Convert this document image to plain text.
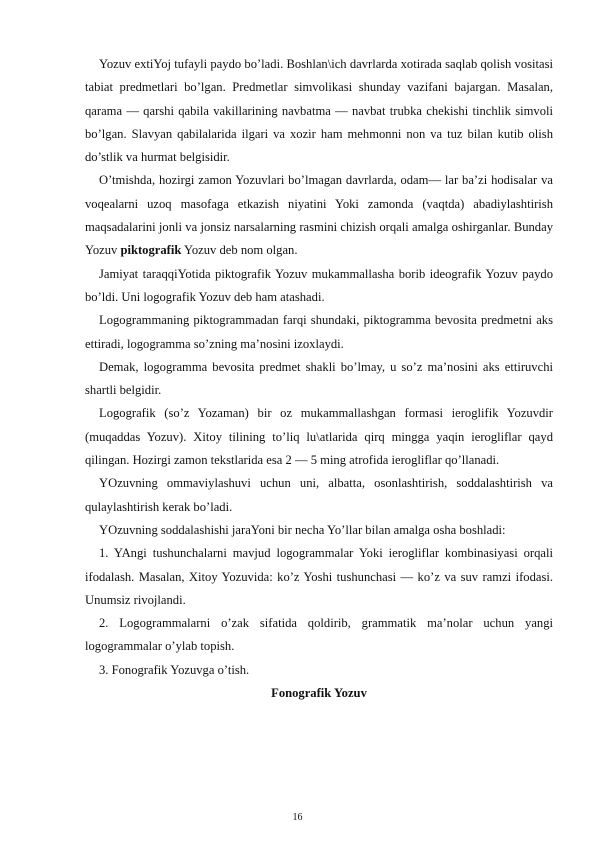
Yozuv extiYoj tufayli paydo bo’ladi. Boshlan\ich davrlarda xotirada saqlab qolish vositasi tabiat predmetlari bo’lgan. Predmetlar simvolikasi shunday vazifani bajargan. Masalan, qarama — qarshi qabila vakillarining navbatma — navbat trubka chekishi tinchlik simvoli bo’lgan. Slavyan qabilalarida ilgari va xozir ham mehmonni non va tuz bilan kutib olish do’stlik va hurmat belgisidir.

O’tmishda, hozirgi zamon Yozuvlari bo’lmagan davrlarda, odam— lar ba’zi hodisalar va voqealarni uzoq masofaga etkazish niyatini Yoki zamonda (vaqtda) abadiylashtirish maqsadalarini jonli va jonsiz narsalarning rasmini chizish orqali amalga oshirganlar. Bunday Yozuv piktografik Yozuv deb nom olgan.

Jamiyat taraqqiYotida piktografik Yozuv mukammallasha borib ideografik Yozuv paydo bo’ldi. Uni logografik Yozuv deb ham atashadi.

Logogrammaning piktogrammadan farqi shundaki, piktogramma bevosita predmetni aks ettiradi, logogramma so’zning ma’nosini izoxlaydi.

Demak, logogramma bevosita predmet shakli bo’lmay, u so’z ma’nosini aks ettiruvchi shartli belgidir.

Logografik (so’z Yozaman) bir oz mukammallashgan formasi ieroglifik Yozuvdir (muqaddas Yozuv). Xitoy tilining to’liq lu\atlarida qirq mingga yaqin ierogliflar qayd qilingan. Hozirgi zamon tekstlarida esa 2 — 5 ming atrofida ierogliflar qo’llanadi.

YOzuvning ommaviylashuvi uchun uni, albatta, osonlashtirish, soddalashtirish va qulaylashtirish kerak bo’ladi.

YOzuvning soddalashishi jaraYoni bir necha Yo’llar bilan amalga osha boshladi:

1. YAngi tushunchalarni mavjud logogrammalar Yoki ierogliflar kombinasiyasi orqali ifodalash. Masalan, Xitoy Yozuvida: ko’z Yoshi tushunchasi — ko’z va suv ramzi ifodasi. Unumsiz rivojlandi.

2. Logogrammalarni o’zak sifatida qoldirib, grammatik ma’nolar uchun yangi logogrammalar o’ylab topish.

3. Fonografik Yozuvga o’tish.

Fonografik Yozuv

16
